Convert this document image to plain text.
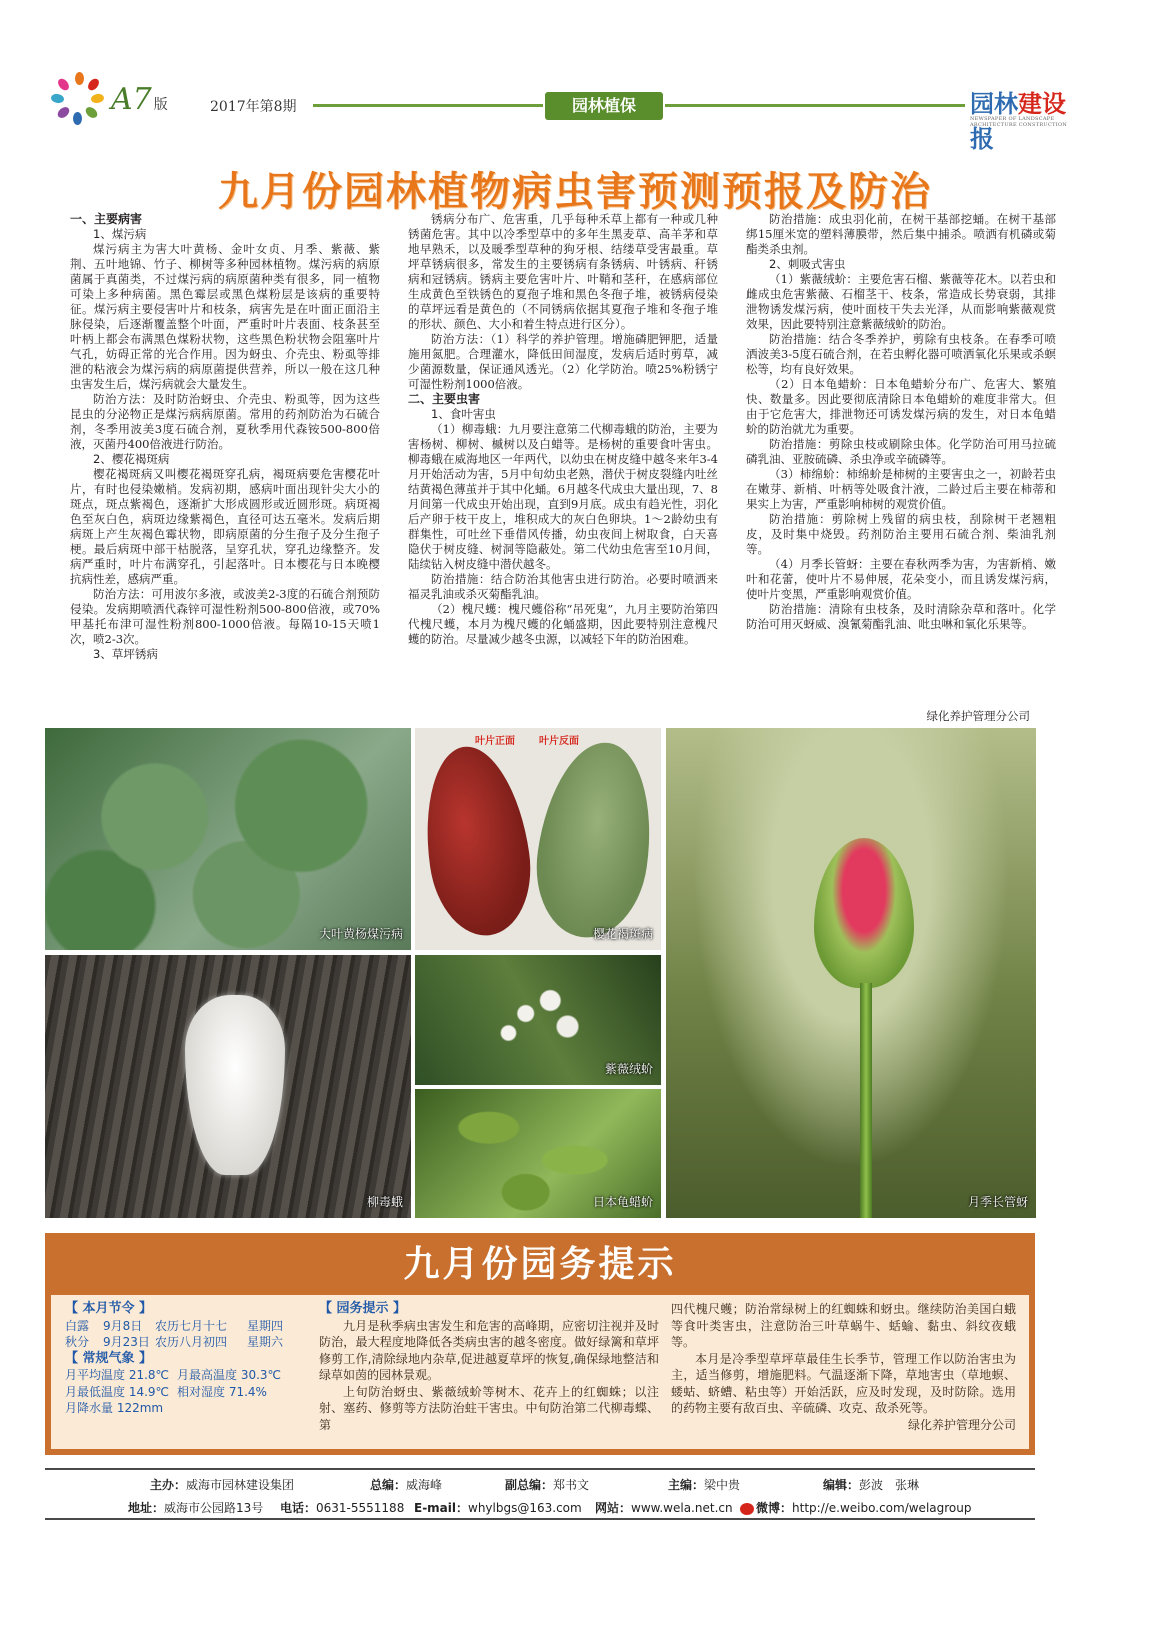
A7 版	2017年第8期	园林植保	园林建设报
NEWSPAPER OF LANDSCAPE ARCHITECTURE CONSTRUCTION
九月份园林植物病虫害预测预报及防治
一、主要病害
1、煤污病

煤污病主为害大叶黄杨、金叶女贞、月季、紫薇、紫荆、五叶地锦、竹子、柳树等多种园林植物。煤污病的病原菌属于真菌类，不过煤污病的病原菌种类有很多，同一植物可染上多种病菌。黑色霉层或黑色煤粉层是该病的重要特征。煤污病主要侵害叶片和枝条，病害先是在叶面正面沿主脉侵染，后逐渐覆盖整个叶面，严重时叶片表面、枝条甚至叶柄上都会布满黑色煤粉状物，这些黑色粉状物会阻塞叶片气孔，妨碍正常的光合作用。因为蚜虫、介壳虫、粉虱等排泄的粘液会为煤污病的病原菌提供营养，所以一般在这几种虫害发生后，煤污病就会大量发生。

防治方法：及时防治蚜虫、介壳虫、粉虱等，因为这些昆虫的分泌物正是煤污病病原菌。常用的药剂防治为石硫合剂，冬季用波美3度石硫合剂，夏秋季用代森铵500-800倍液，灭菌丹400倍液进行防治。

2、樱花褐斑病

樱花褐斑病又叫樱花褐斑穿孔病，褐斑病要危害樱花叶片，有时也侵染嫩梢。发病初期，感病叶面出现针尖大小的斑点，斑点紫褐色，逐渐扩大形成圆形或近圆形斑。病斑褐色至灰白色，病斑边缘紫褐色，直径可达五毫米。发病后期病斑上产生灰褐色霉状物，即病原菌的分生孢子及分生孢子梗。最后病斑中部干枯脱落，呈穿孔状，穿孔边缘整齐。发病严重时，叶片布满穿孔，引起落叶。日本樱花与日本晚樱抗病性差，感病严重。

防治方法：可用波尔多液，或波美2-3度的石硫合剂预防侵染。发病期喷洒代森锌可湿性粉剂500-800倍液，或70%甲基托布津可湿性粉剂800-1000倍液。每隔10-15天喷1次，喷2-3次。

3、草坪锈病

锈病分布广、危害重，几乎每种禾草上都有一种或几种锈菌危害。其中以冷季型草中的多年生黑麦草、高羊茅和草地早熟禾，以及暖季型草种的狗牙根、结缕草受害最重。草坪草锈病很多，常发生的主要锈病有条锈病、叶锈病、秆锈病和冠锈病。锈病主要危害叶片、叶鞘和茎秆，在感病部位生成黄色至铁锈色的夏孢子堆和黑色冬孢子堆，被锈病侵染的草坪远看是黄色的（不同锈病依据其夏孢子堆和冬孢子堆的形状、颜色、大小和着生特点进行区分）。

防治方法：（1）科学的养护管理。增施磷肥钾肥，适量施用氮肥。合理灌水，降低田间湿度，发病后适时剪草，减少菌源数量，保证通风透光。（2）化学防治。喷25%粉锈宁可湿性粉剂1000倍液。

二、主要虫害
1、食叶害虫

（1）柳毒蛾：九月要注意第二代柳毒蛾的防治，主要为害杨树、柳树、槭树以及白蜡等。是杨树的重要食叶害虫。柳毒蛾在威海地区一年两代，以幼虫在树皮缝中越冬来年3-4月开始活动为害，5月中旬幼虫老熟，潜伏于树皮裂缝内吐丝结黄褐色薄茧并于其中化蛹。6月越冬代成虫大量出现，7、8月间第一代成虫开始出现，直到9月底。成虫有趋光性，羽化后产卵于枝干皮上，堆积成大的灰白色卵块。1～2龄幼虫有群集性，可吐丝下垂借风传播，幼虫夜间上树取食，白天喜隐伏于树皮缝、树洞等隐蔽处。第二代幼虫危害至10月间，陆续钻入树皮缝中潜伏越冬。

防治措施：结合防治其他害虫进行防治。必要时喷洒来福灵乳油或杀灭菊酯乳油。

（2）槐尺蠖：槐尺蠖俗称“吊死鬼”，九月主要防治第四代槐尺蠖，本月为槐尺蠖的化蛹盛期，因此要特别注意槐尺蠖的防治。尽量减少越冬虫源，以减轻下年的防治困难。

防治措施：成虫羽化前，在树干基部挖蛹。在树干基部绑15厘米宽的塑料薄膜带，然后集中捕杀。喷洒有机磷或菊酯类杀虫剂。

2、刺吸式害虫

（1）紫薇绒蚧：主要危害石榴、紫薇等花木。以若虫和雌成虫危害紫薇、石榴茎干、枝条，常造成长势衰弱，其排泄物诱发煤污病，使叶面枝干失去光泽，从而影响紫薇观赏效果，因此要特别注意紫薇绒蚧的防治。

防治措施：结合冬季养护，剪除有虫枝条。在春季可喷洒波美3-5度石硫合剂，在若虫孵化器可喷洒氧化乐果或杀螟松等，均有良好效果。

（2）日本龟蜡蚧：日本龟蜡蚧分布广、危害大、繁殖快、数量多。因此要彻底清除日本龟蜡蚧的难度非常大。但由于它危害大，排泄物还可诱发煤污病的发生，对日本龟蜡蚧的防治就尤为重要。

防治措施：剪除虫枝或刷除虫体。化学防治可用马拉硫磷乳油、亚胺硫磷、杀虫净或辛硫磷等。

（3）柿绵蚧：柿绵蚧是柿树的主要害虫之一，初龄若虫在嫩芽、新梢、叶柄等处吸食汁液，二龄过后主要在柿蒂和果实上为害，严重影响柿树的观赏价值。

防治措施：剪除树上残留的病虫枝，刮除树干老翘粗皮，及时集中烧毁。药剂防治主要用石硫合剂、柴油乳剂等。

（4）月季长管蚜：主要在春秋两季为害，为害新梢、嫩叶和花蕾，使叶片不易伸展，花朵变小，而且诱发煤污病，使叶片变黑，严重影响观赏价值。

防治措施：清除有虫枝条，及时清除杂草和落叶。化学防治可用灭蚜威、溴氰菊酯乳油、吡虫啉和氧化乐果等。

绿化养护管理分公司
大叶黄杨煤污病
叶片正面 叶片反面
樱花褐斑病
月季长管蚜
柳毒蛾
紫薇绒蚧
日本龟蜡蚧
九月份园务提示
【 本月节令 】
白露 9月8日 农历七月十七 星期四
秋分 9月23日 农历八月初四 星期六
【 常规气象 】
月平均温度 21.8℃ 月最高温度 30.3℃
月最低温度 14.9℃ 相对湿度 71.4%
月降水量 122mm
【 园务提示 】

九月是秋季病虫害发生和危害的高峰期，应密切注视并及时防治，最大程度地降低各类病虫害的越冬密度。做好绿篱和草坪修剪工作,清除绿地内杂草,促进越夏草坪的恢复,确保绿地整洁和绿草如茵的园林景观。

上旬防治蚜虫、紫薇绒蚧等树木、花卉上的红蜘蛛；以注射、塞药、修剪等方法防治蛀干害虫。中旬防治第二代柳毒蝶、第

四代槐尺蠖；防治常绿树上的红蜘蛛和蚜虫。继续防治美国白蛾等食叶类害虫，注意防治三叶草蜗牛、蛞蝓、黏虫、斜纹夜蛾等。

本月是冷季型草坪草最佳生长季节，管理工作以防治害虫为主，适当修剪，增施肥料。气温逐渐下降，草地害虫（草地螟、蝼蛄、蛴螬、粘虫等）开始活跃，应及时发现，及时防除。选用的药物主要有敌百虫、辛硫磷、攻克、敌杀死等。

绿化养护管理分公司
主办：威海市园林建设集团	总编：威海峰	副总编：郑书文	主编：梁中贵	编辑：彭波　张琳
地址：威海市公园路13号 电话：0631-5551188 E-mail：whylbgs@163.com 网站：www.wela.net.cn	微博：http://e.weibo.com/welagroup
